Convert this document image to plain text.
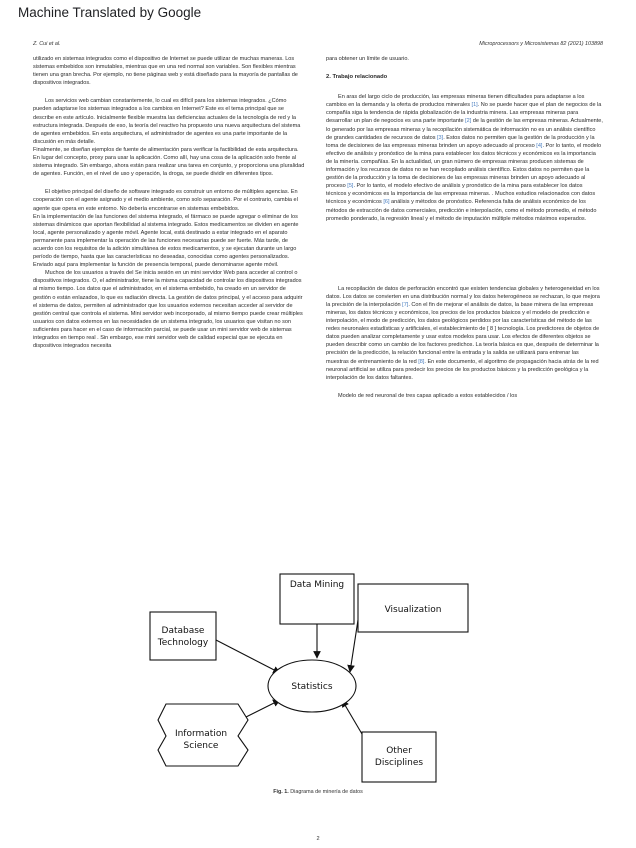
Machine Translated by Google
Z. Cui et al.	Microprocessors y Microsistemas 82 (2021) 103898

utilizado en sistemas integrados como el dispositivo de Internet se puede utilizar de muchas maneras. Los sistemas embebidos son inmutables, mientras que en una red normal son variables. Son flexibles mientras tienen una gran brecha. Por ejemplo, no tiene páginas web y está diseñado para la mayoría de pantallas de dispositivos integrados.

Los servicios web cambian constantemente, lo cual es difícil para los sistemas integrados. ¿Cómo pueden adaptarse los sistemas integrados a los cambios en Internet? Este es el tema principal que se describe en este artículo. Inicialmente flexible muestra las deficiencias actuales de la tecnología de red y la estructura integrada. Después de eso, la teoría del reactivo ha propuesto una nueva arquitectura del sistema de agentes embebidos. En esta arquitectura, el administrador de agentes es una parte importante de la discusión en más detalle.

Finalmente, se diseñan ejemplos de fuente de alimentación para verificar la factibilidad de esta arquitectura. En lugar del concepto, proxy para usar la aplicación. Como allí, hay una cosa de la aplicación solo frente al sistema integrado. Sin embargo, ahora están para realizar una tarea en conjunto, y proporciona una pluralidad de agentes. Función, en el nivel de uso y operación, la droga, se puede dividir en diferentes tipos.

El objetivo principal del diseño de software integrado es construir un entorno de múltiples agencias. En cooperación con el agente asignado y el medio ambiente, como solo separación. Por el contrario, cambia el agente que opera en este entorno. No debería encontrarse en sistemas embebidos.

En la implementación de las funciones del sistema integrado, el fármaco se puede agregar o eliminar de los sistemas dinámicos que aportan flexibilidad al sistema integrado. Estos medicamentos se dividen en agente local, agente personalizado y agente móvil. Agente local, está destinado a estar integrado en el aparato permanente para implementar la operación de las funciones necesarias puede ser fuerte. Más tarde, de acuerdo con los requisitos de la adición simultánea de estos medicamentos, y se ejecutan durante un largo período de tiempo, hasta que las características no deseadas, conocidas como agentes personalizados.

Enviado aquí para implementar la función de presencia temporal, puede denominarse agente móvil.

Muchos de los usuarios a través del Se inicia sesión en un mini servidor Web para acceder al control o dispositivos integrados. O, el administrador, tiene la misma capacidad de controlar los dispositivos integrados al mismo tiempo. Los datos que el administrador, en el sistema embebido, ha creado en un servidor de gestión o están enlazados, lo que es radiación directa. La gestión de datos principal, y el acceso para adquirir el sistema de datos, permiten al administrador que los usuarios externos necesitan acceder al servidor de gestión central que controla el sistema. Mini servidor web incorporado, al mismo tiempo puede crear múltiples usuarios con datos externos en las necesidades de un sistema integrado, los usuarios que visitan no son suficientes para hacer en el caso de información parcial, se puede usar un mini servidor web de sistemas integrados en tiempo real . Sin embargo, ese mini servidor web de calidad especial que se ejecuta en dispositivos integrados necesita

para obtener un límite de usuario.

2. Trabajo relacionado

En aras del largo ciclo de producción, las empresas mineras tienen dificultades para adaptarse a los cambios en la demanda y la oferta de productos minerales [1]. No se puede hacer que el plan de negocios de la compañía siga la tendencia de rápida globalización de la industria minera. Las empresas mineras para desarrollar un plan de negocios es una parte importante [2] de la gestión de las empresas mineras. Actualmente, lo generado por las empresas mineras y la recopilación sistemática de información no es un análisis científico de grandes cantidades de recursos de datos [3]. Estos datos no permiten que la gestión de la producción y la toma de decisiones de las empresas mineras brinden un apoyo adecuado al proceso [4]. Por lo tanto, el modelo efectivo de análisis y pronóstico de la mina para establecer los datos técnicos y económicos es la importancia de la minería. compañías. En la actualidad, un gran número de empresas mineras producen sistemas de información y los recursos de datos no se han recopilado análisis científico. Estos datos no permiten que la gestión de la producción y la toma de decisiones de las empresas mineras brinden un apoyo adecuado al proceso [5]. Por lo tanto, el modelo efectivo de análisis y pronóstico de la mina para establecer los datos técnicos y económicos es la importancia de las empresas mineras. . Muchos estudios relacionados con datos técnicos y económicos [6] análisis y métodos de pronóstico. Referencia falta de análisis económico de los métodos de extracción de datos comerciales, predicción e interpolación, como el método promedio, el método promedio ponderado, la regresión lineal y el método de imputación múltiple métodos máximos esperados.

La recopilación de datos de perforación encontró que existen tendencias globales y heterogeneidad en los datos. Los datos se convierten en una distribución normal y los datos heterogéneos se rechazan, lo que mejora la precisión de la interpolación [7]. Con el fin de mejorar el análisis de datos, la base minera de las empresas mineras, los datos técnicos y económicos, los precios de los productos básicos y el modelo de predicción e interpolación, el modo de predicción, los datos geológicos perdidos por las características del método de las redes neuronales estadísticas y artificiales, el establecimiento de [ 8 ] tecnología. Los predictores de objetos de datos pueden analizar completamente y usar estos modelos para usar. Los efectos de diferentes objetos se pueden describir como un cambio de los factores predichos. La teoría básica es que, después de determinar la precisión de la predicción, la relación funcional entre la entrada y la salida se utilizará para entrenar las muestras de entrenamiento de la red [8]. En este documento, el algoritmo de propagación hacia atrás de la red neuronal artificial se utiliza para predecir los precios de los productos básicos y la predicción geológica y la interpolación de los datos faltantes.

Modelo de red neuronal de tres capas aplicado a estos establecidos / los

Data Mining
Visualization
Database
Technology
Statistics
Information
Science	Other
Disciplines
Fig. 1. Diagrama de minería de datos
2
